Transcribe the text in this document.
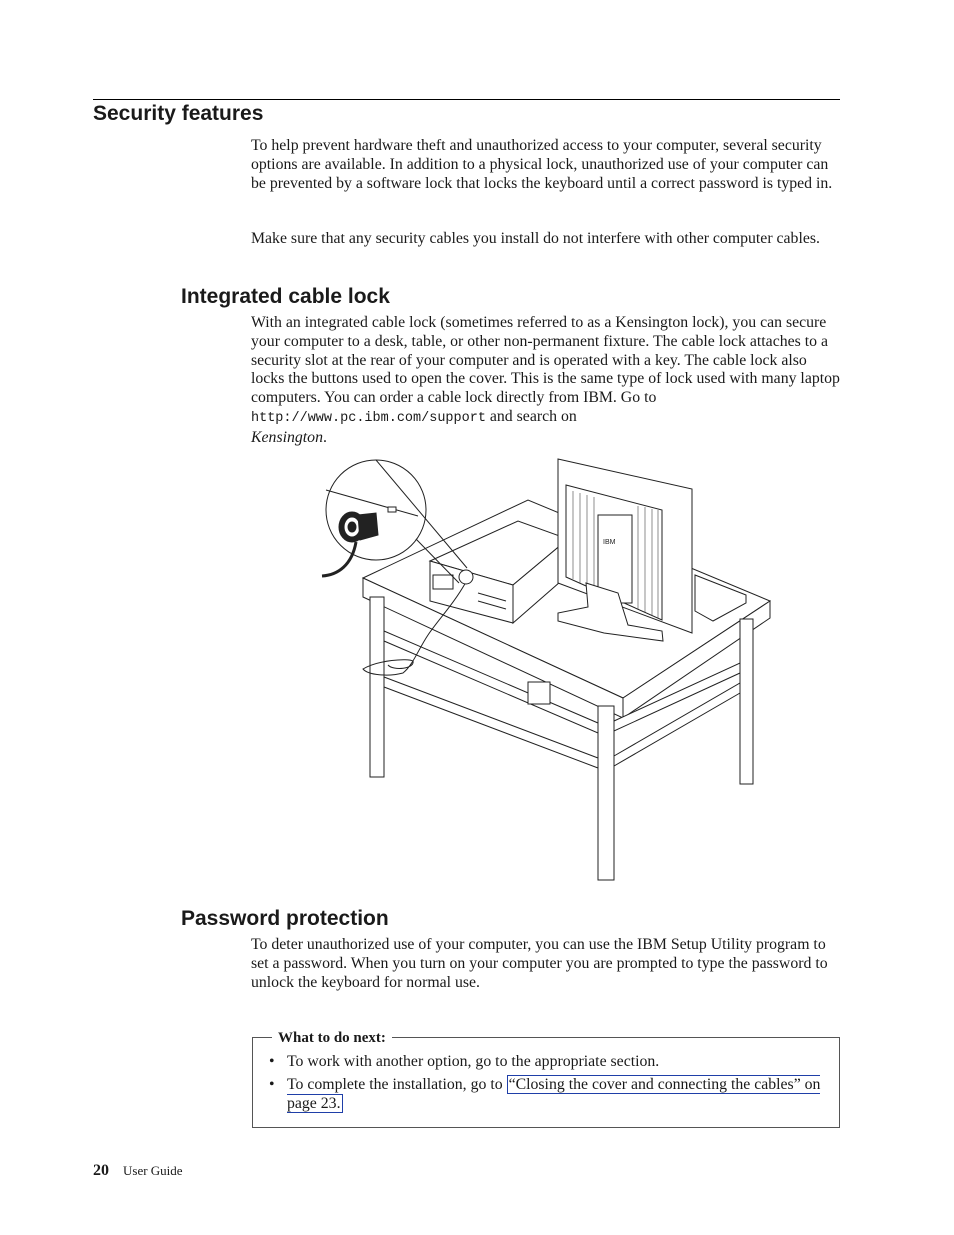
Security features

To help prevent hardware theft and unauthorized access to your computer, several security options are available. In addition to a physical lock, unauthorized use of your computer can be prevented by a software lock that locks the keyboard until a correct password is typed in.

Make sure that any security cables you install do not interfere with other computer cables.

Integrated cable lock

With an integrated cable lock (sometimes referred to as a Kensington lock), you can secure your computer to a desk, table, or other non-permanent fixture. The cable lock attaches to a security slot at the rear of your computer and is operated with a key. The cable lock also locks the buttons used to open the cover. This is the same type of lock used with many laptop computers. You can order a cable lock directly from IBM. Go to http://www.pc.ibm.com/support and search on
Kensington.

IBM
Password protection

To deter unauthorized use of your computer, you can use the IBM Setup Utility program to set a password. When you turn on your computer you are prompted to type the password to unlock the keyboard for normal use.

What to do next:
• To work with another option, go to the appropriate section.
• To complete the installation, go to “Closing the cover and connecting the cables” on page 23.
20 User Guide
